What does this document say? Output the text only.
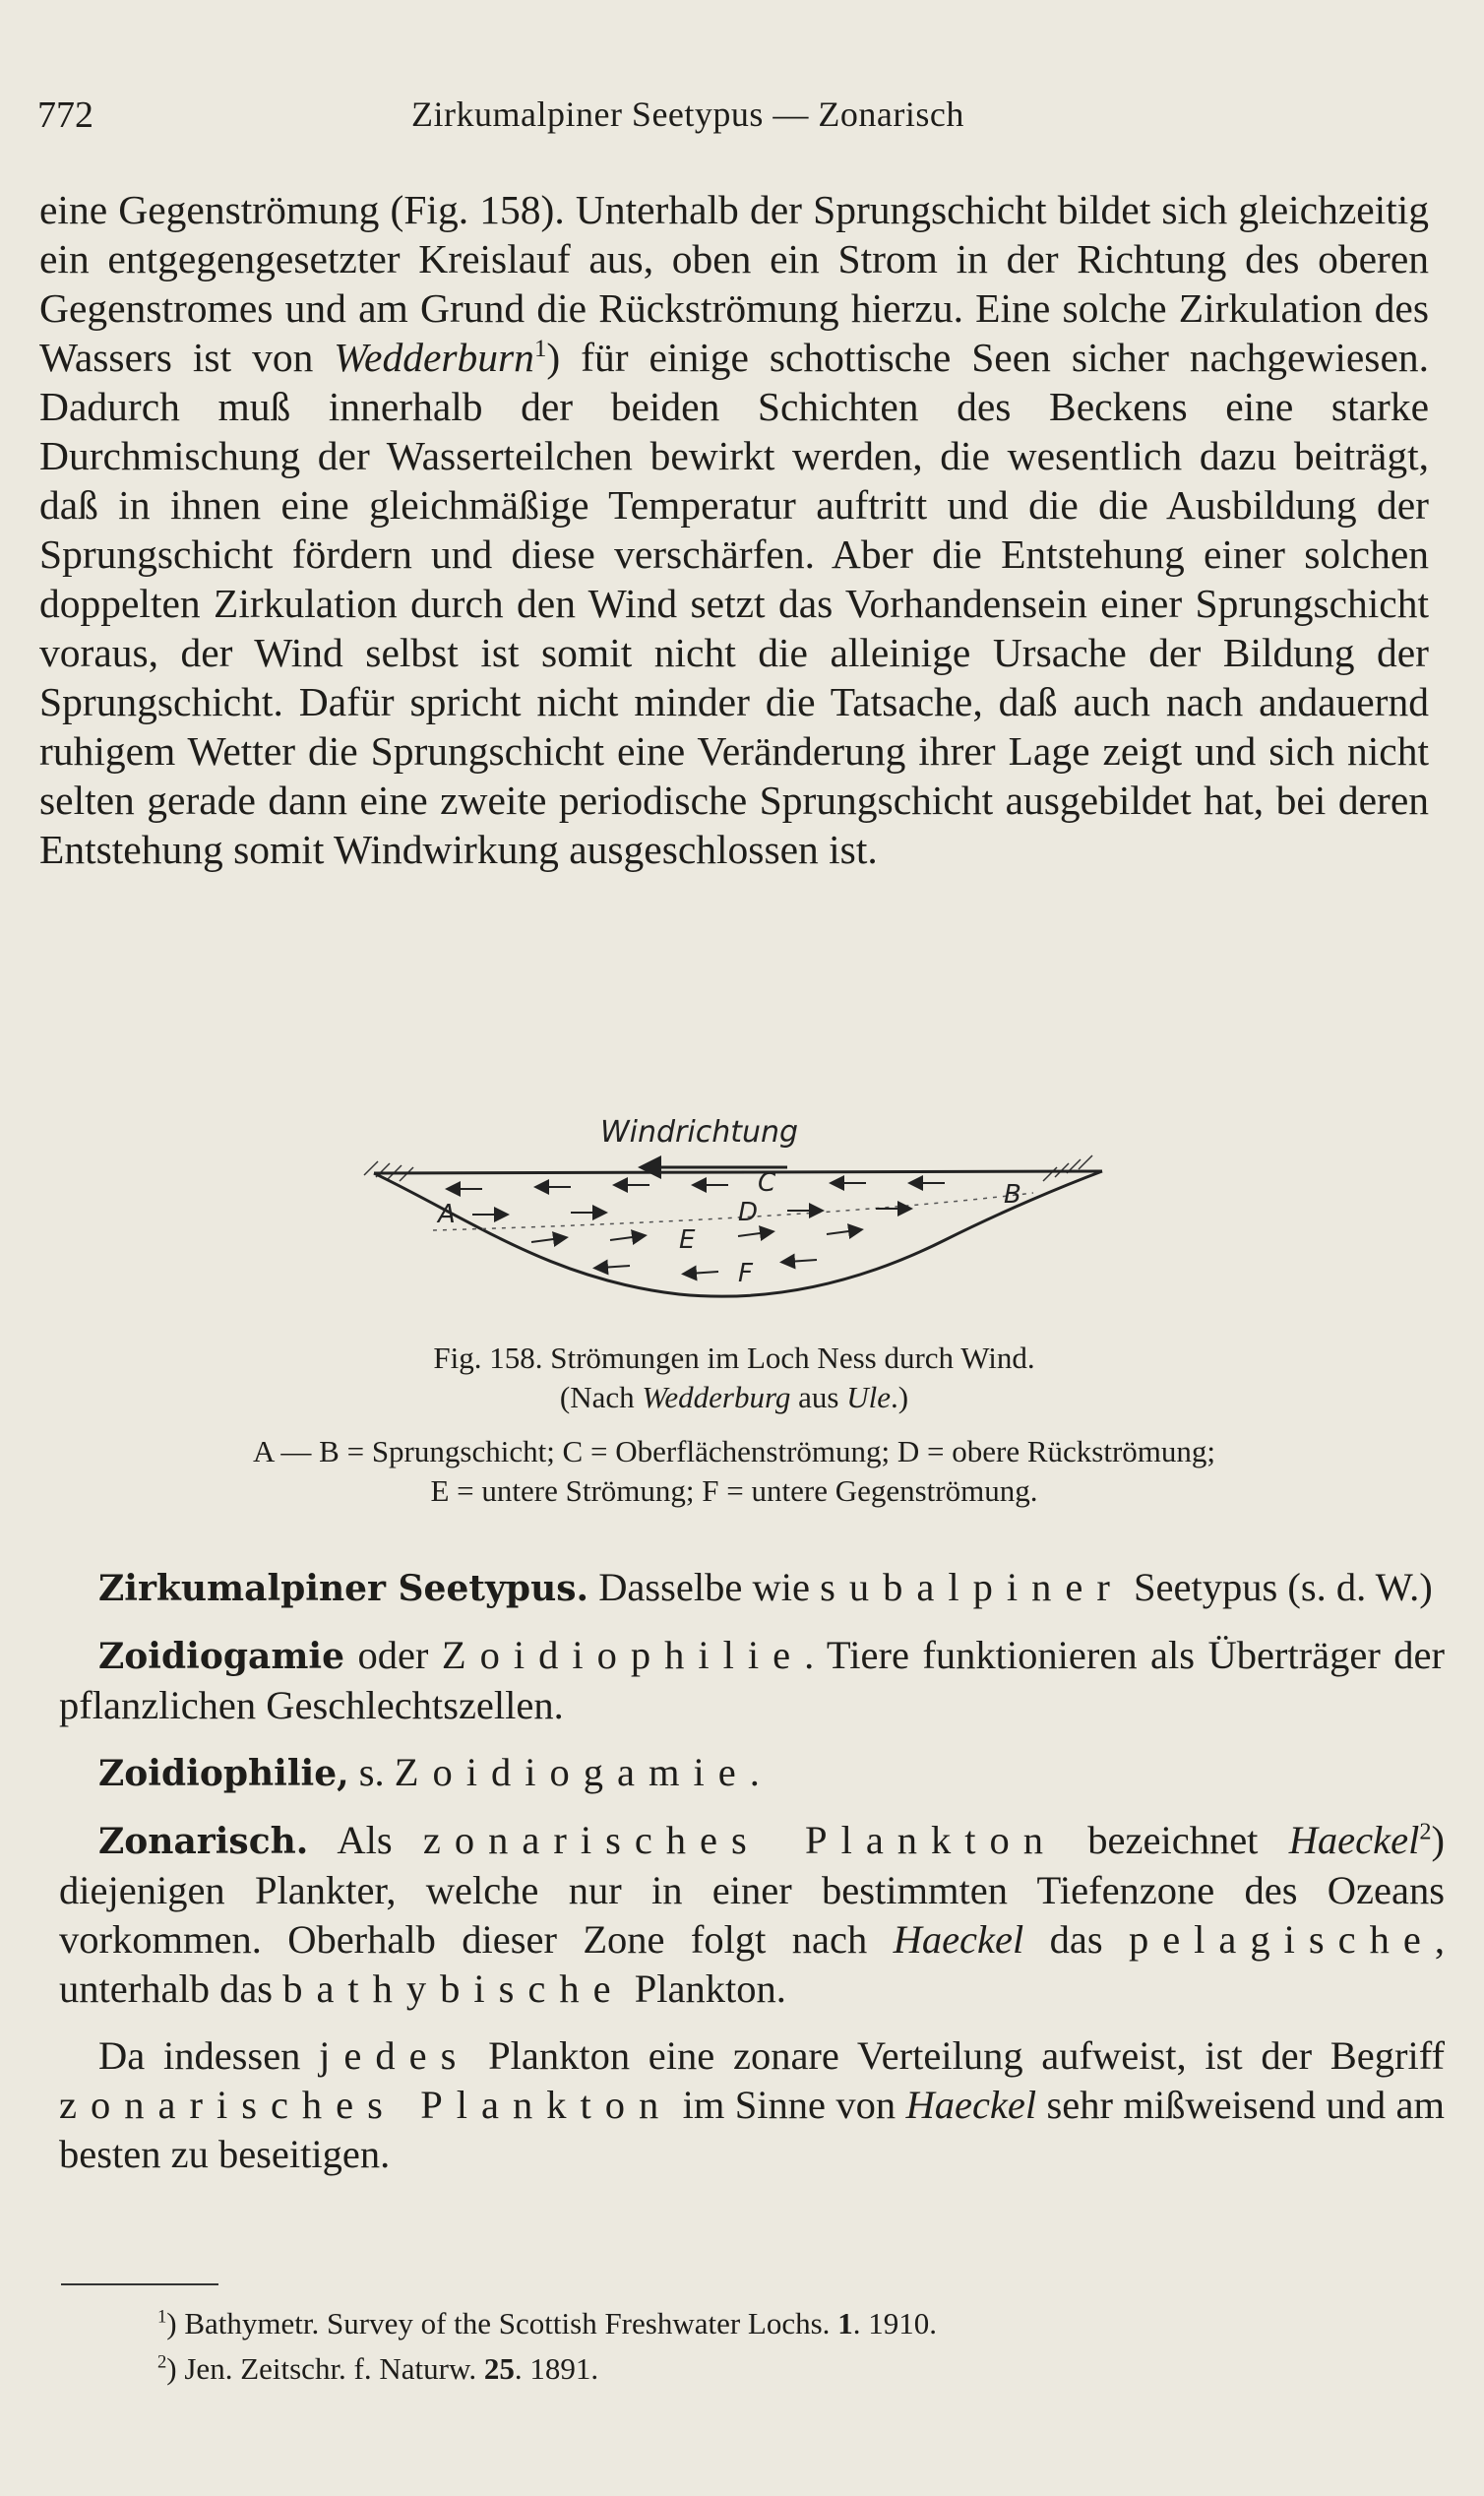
772	Zirkumalpiner Seetypus — Zonarisch

eine Gegenströmung (Fig. 158). Unterhalb der Sprungschicht bildet sich gleichzeitig ein entgegengesetzter Kreislauf aus, oben ein Strom in der Richtung des oberen Gegenstromes und am Grund die Rückströmung hierzu. Eine solche Zirkulation des Wassers ist von Wedderburn$^1$) für einige schottische Seen sicher nachgewiesen. Dadurch muß innerhalb der beiden Schichten des Beckens eine starke Durchmischung der Wasserteilchen bewirkt werden, die wesentlich dazu beiträgt, daß in ihnen eine gleichmäßige Temperatur auftritt und die die Ausbildung der Sprungschicht fördern und diese verschärfen. Aber die Entstehung einer solchen doppelten Zirkulation durch den Wind setzt das Vorhandensein einer Sprungschicht voraus, der Wind selbst ist somit nicht die alleinige Ursache der Bildung der Sprungschicht. Dafür spricht nicht minder die Tatsache, daß auch nach andauernd ruhigem Wetter die Sprungschicht eine Veränderung ihrer Lage zeigt und sich nicht selten gerade dann eine zweite periodische Sprungschicht ausgebildet hat, bei deren Entstehung somit Windwirkung ausgeschlossen ist.

Windrichtung
A
B
C
D
E
F
Fig. 158. Strömungen im Loch Ness durch Wind.
(Nach Wedderburg aus Ule.)
A — B = Sprungschicht; C = Oberflächenströmung; D = obere Rückströmung;
E = untere Strömung; F = untere Gegenströmung.

Zirkumalpiner Seetypus. Dasselbe wie subalpiner Seetypus (s. d. W.)

Zoidiogamie oder Zoidiophilie. Tiere funktionieren als Überträger der pflanzlichen Geschlechtszellen.

Zoidiophilie, s. Zoidiogamie.

Zonarisch. Als zonarisches Plankton bezeichnet Haeckel$^2$) diejenigen Plankter, welche nur in einer bestimmten Tiefenzone des Ozeans vorkommen. Oberhalb dieser Zone folgt nach Haeckel das pelagische, unterhalb das bathybische Plankton.

Da indessen jedes Plankton eine zonare Verteilung aufweist, ist der Begriff zonarisches Plankton im Sinne von Haeckel sehr mißweisend und am besten zu beseitigen.

$^1$) Bathymetr. Survey of the Scottish Freshwater Lochs. 1. 1910.

$^2$) Jen. Zeitschr. f. Naturw. 25. 1891.
